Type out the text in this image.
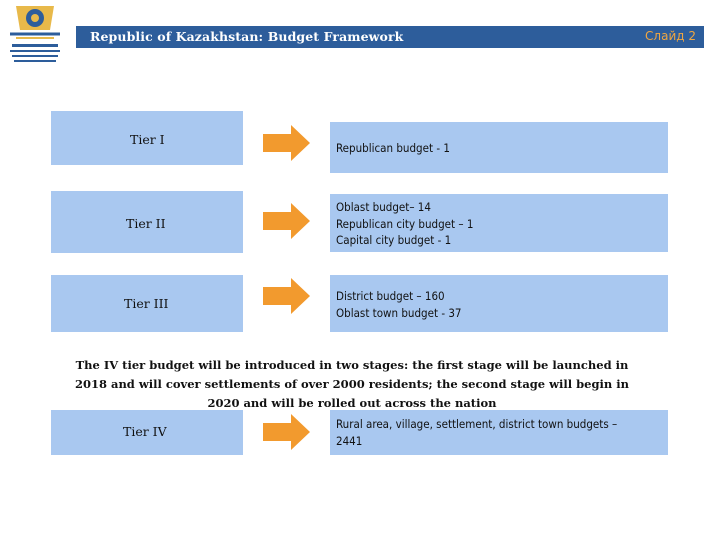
Republic of Kazakhstan: Budget Framework	Слайд 2
Tier I
Republican budget - 1
Tier II
Oblast budget– 14
Republican city budget – 1
Capital city budget - 1
Tier III	District budget – 160
Oblast town budget - 37
The IV tier budget will be introduced in two stages: the first stage will be launched in 2018 and will cover settlements of over 2000 residents; the second stage will begin in 2020 and will be rolled out across the nation
Tier IV	Rural area, village, settlement, district town budgets –
2441
